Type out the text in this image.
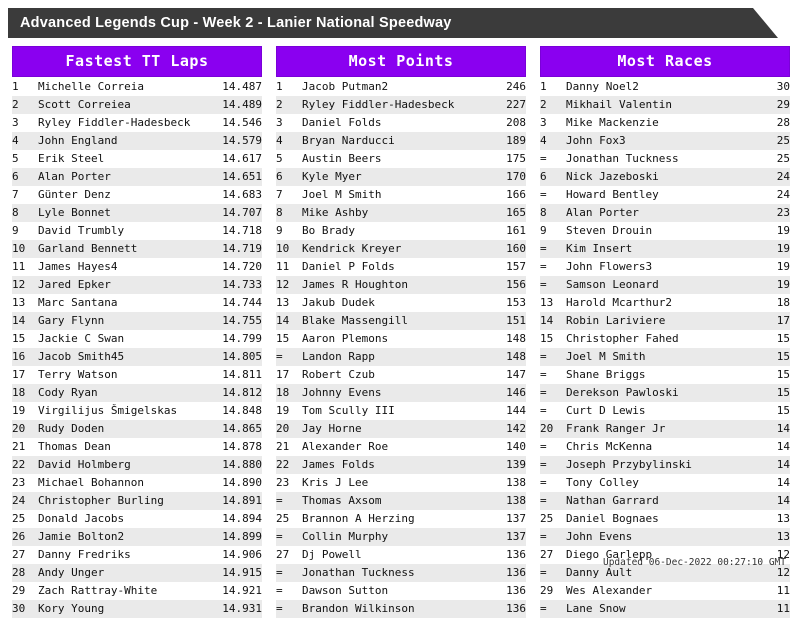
Advanced Legends Cup - Week 2 - Lanier National Speedway
Fastest TT Laps
1	Michelle Correia	14.487
2	Scott Correiea	14.489
3	Ryley Fiddler-Hadesbeck	14.546
4	John England	14.579
5	Erik Steel	14.617
6	Alan Porter	14.651
7	Günter Denz	14.683
8	Lyle Bonnet	14.707
9	David Trumbly	14.718
10	Garland Bennett	14.719
11	James Hayes4	14.720
12	Jared Epker	14.733
13	Marc Santana	14.744
14	Gary Flynn	14.755
15	Jackie C Swan	14.799
16	Jacob Smith45	14.805
17	Terry Watson	14.811
18	Cody Ryan	14.812
19	Virgilijus Šmigelskas	14.848
20	Rudy Doden	14.865
21	Thomas Dean	14.878
22	David Holmberg	14.880
23	Michael Bohannon	14.890
24	Christopher Burling	14.891
25	Donald Jacobs	14.894
26	Jamie Bolton2	14.899
27	Danny Fredriks	14.906
28	Andy Unger	14.915
29	Zach Rattray-White	14.921
30	Kory Young	14.931
Most Points
1	Jacob Putman2	246
2	Ryley Fiddler-Hadesbeck	227
3	Daniel Folds	208
4	Bryan Narducci	189
5	Austin Beers	175
6	Kyle Myer	170
7	Joel M Smith	166
8	Mike Ashby	165
9	Bo Brady	161
10	Kendrick Kreyer	160
11	Daniel P Folds	157
12	James R Houghton	156
13	Jakub Dudek	153
14	Blake Massengill	151
15	Aaron Plemons	148
=	Landon Rapp	148
17	Robert Czub	147
18	Johnny Evens	146
19	Tom Scully III	144
20	Jay Horne	142
21	Alexander Roe	140
22	James Folds	139
23	Kris J Lee	138
=	Thomas Axsom	138
25	Brannon A Herzing	137
=	Collin Murphy	137
27	Dj Powell	136
=	Jonathan Tuckness	136
=	Dawson Sutton	136
=	Brandon Wilkinson	136
Most Races
1	Danny Noel2	30
2	Mikhail Valentin	29
3	Mike Mackenzie	28
4	John Fox3	25
=	Jonathan Tuckness	25
6	Nick Jazeboski	24
=	Howard Bentley	24
8	Alan Porter	23
9	Steven Drouin	19
=	Kim Insert	19
=	John Flowers3	19
=	Samson Leonard	19
13	Harold Mcarthur2	18
14	Robin Lariviere	17
15	Christopher Fahed	15
=	Joel M Smith	15
=	Shane Briggs	15
=	Derekson Pawloski	15
=	Curt D Lewis	15
20	Frank Ranger Jr	14
=	Chris McKenna	14
=	Joseph Przybylinski	14
=	Tony Colley	14
=	Nathan Garrard	14
25	Daniel Bognaes	13
=	John Evens	13
27	Diego Garlepp	12
=	Danny Ault	12
29	Wes Alexander	11
=	Lane Snow	11
Updated 06-Dec-2022 00:27:10 GMT
